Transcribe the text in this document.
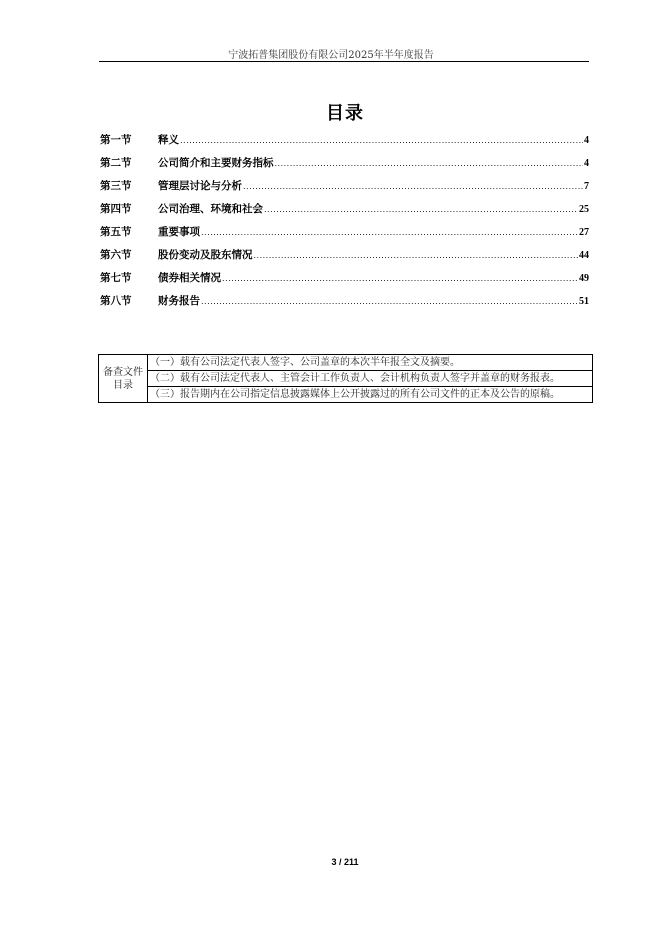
宁波拓普集团股份有限公司2025年半年度报告
目录
第一节	释义 .....	4
第二节	公司简介和主要财务指标 .....	4
第三节	管理层讨论与分析 .....	7
第四节	公司治理、环境和社会 .....	25
第五节	重要事项 .....	27
第六节	股份变动及股东情况 .....	44
第七节	债券相关情况 .....	49
第八节	财务报告 .....	51
备查文件目录	（一）载有公司法定代表人签字、公司盖章的本次半年报全文及摘要。
（二）载有公司法定代表人、主管会计工作负责人、会计机构负责人签字并盖章的财务报表。
（三）报告期内在公司指定信息披露媒体上公开披露过的所有公司文件的正本及公告的原稿。
3 / 211
